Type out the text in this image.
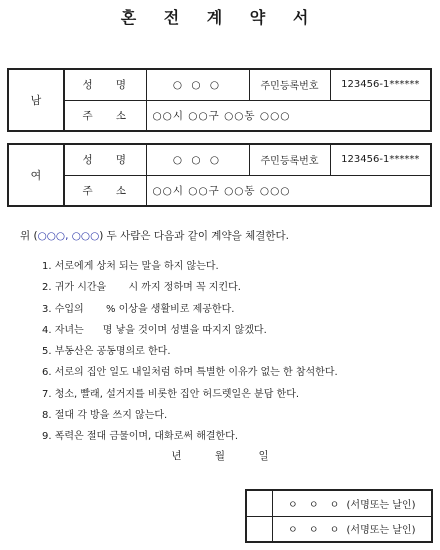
혼 전 계 약 서
남	성 명	○ ○ ○	주민등록번호	123456-1******
	주 소	○○시 ○○구 ○○동 ○○○		
여	성 명	○ ○ ○	주민등록번호	123456-1******
	주 소	○○시 ○○구 ○○동 ○○○		
위 (○○○, ○○○) 두 사람은 다음과 같이 계약을 체결한다.
1. 서로에게 상처 되는 말을 하지 않는다.
2. 귀가 시간을       시 까지 정하며 꼭 지킨다.
3. 수입의       % 이상을 생활비로 제공한다.
4. 자녀는      명 낳을 것이며 성별을 따지지 않겠다.
5. 부동산은 공동명의로 한다.
6. 서로의 집안 일도 내일처럼 하며 특별한 이유가 없는 한 참석한다.
7. 청소, 빨래, 설거지를 비롯한 집안 허드렛일은 분담 한다.
8. 절대 각 방을 쓰지 않는다.
9. 폭력은 절대 금물이며, 대화로써 해결한다.
년          월          일
	ㅇ ㅇ ㅇ (서명또는 날인)
	ㅇ ㅇ ㅇ (서명또는 날인)
